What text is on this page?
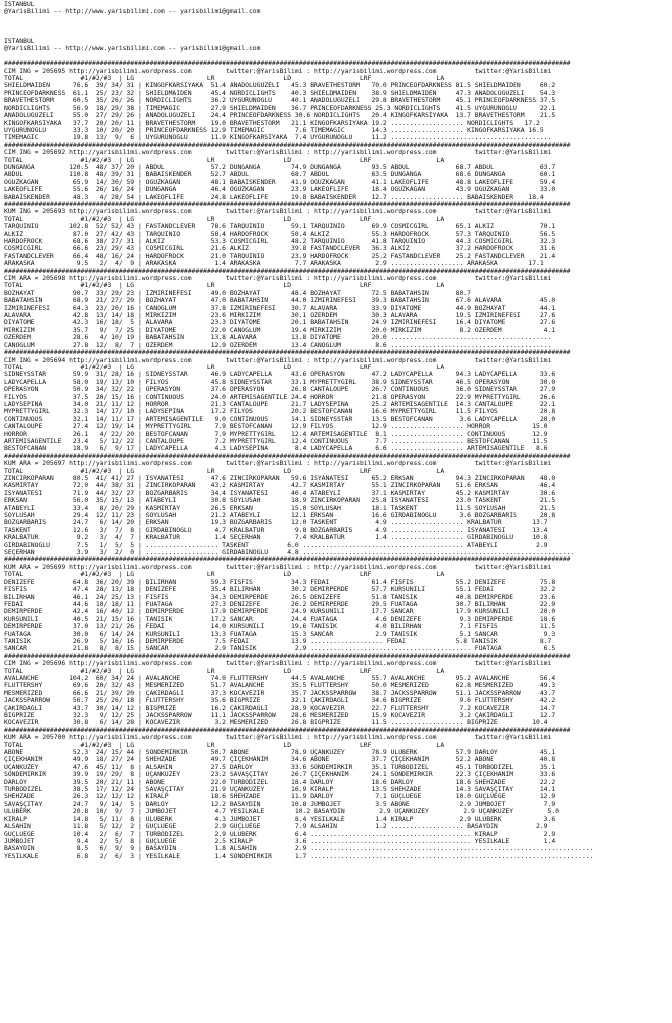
ISTANBUL
@YarisBilimi -- http://www.yarisbilimi.com -- yarisbilimi@gmail.com

ISTANBUL
@YarisBilimi -- http://www.yarisbilimi.com -- yarisbilimi@gmail.com

####################################################################################################################################################
CIM ING = 205695 http://yarisbilimi.wordpress.com         twitter:@YarisBilimi : http://yarisbilimi.wordpress.com          twitter:@YarisBilimi
TOTAL               #1/#2/#3  | LG                   LR                  LD                  LRF                 LA
SHIELDMAIDEN      76.6  39/ 34/ 31 | KINGOFKARSIYAKA  51.4 ANADOLUGÜZELI   45.3 BRAVETHESTORM   70.0 PRINCEOFDARKNESS 81.5 SHIELDMAIDEN     60.2
PRINCEOFDARKNESS  61.1  25/ 23/ 32 | SHIELDMAIDEN     45.4 NORDICLIGHTS    40.3 SHIELDMAIDEN    38.9 SHIELDMAIDEN     47.3 ANADOLUGÜZELI    54.3
BRAVETHESTORM     60.5  35/ 26/ 26 | NORDICLIGHTS     36.2 UYGURUNOGLU     40.1 ANADOLUGÜZELI   29.8 BRAVETHESTORM    45.1 PRINCEOFDARKNESS 37.5
NORDICLIGHTS      56.9  18/ 29/ 38 | TIMEMAGIC        27.9 SHIELDMAIDEN    36.7 PRINCEOFDARKNESS 25.3 NORDICLIGHTS    41.5 UYGURUNOGLU      22.1
ANADOLUGÜZELI     55.0  27/ 29/ 26 | ANADOLUGÜZELI    24.4 PRINCEOFDARKNESS 30.6 NORDICLIGHTS   20.4 KINGOFKARSIYAKA  13.7 BRAVETHESTORM    21.5
KINGOFKARSIYAKA   37.7  20/ 20/ 11 | BRAVETHESTORM    19.0 BRAVETHESTORM   21.1 KINGOFKARSIYAKA 19.2 ................... NORDICLIGHTS   17.2
UYGURUNOGLU       33.3  10/ 20/ 20 | PRINCEOFDARKNESS 12.9 TIMEMAGIC        7.6 TIMEMAGIC       14.3 ................... KINGOFKARSIYAKA 16.5
TIMEMAGIC         19.8  13/  9/  6 | UYGURUNOGLU      11.9 KINGOFKARSIYAKA  7.4 UYGURUNOGLU     11.2 ..........................................
####################################################################################################################################################
CIM ING = 205692 http://yarisbilimi.wordpress.com         twitter:@YarisBilimi : http://yarisbilimi.wordpress.com          twitter:@YarisBilimi
TOTAL               #1/#2/#3  | LG                   LR                  LD                  LRF                 LA
DUNGANGA         120.5  48/ 37/ 20 | ABDÜL            57.2 DUNGANGA        74.9 DUNGANGA        93.5 ABDÜL            68.7 ABDÜL            63.7
ABDÜL            110.8  48/ 39/ 31 | BABAISKENDER     52.7 ABDÜL           68.7 ABDÜL           63.5 DUNGANGA         68.6 DUNGANGA         60.1
OGUZKAGAN         65.9  14/ 30/ 59 | OGUZKAGAN        48.1 BABAISKENDER    41.9 OGUZKAGAN       41.1 LAKEOFLIFE       48.8 LAKEOFLIFE       59.4
LAKEOFLIFE        55.6  26/ 16/ 24 | DUNGANGA         46.4 OGUZKAGAN       23.9 LAKEOFLIFE      18.4 OGUZKAGAN        43.9 OGUZKAGAN        33.0
BABAISKENDER      48.3   4/ 28/ 54 | LAKEOFLIFE       24.8 LAKEOFLIFE      19.8 BABAISKENDER    12.7 ................... BABAISKENDER    18.4
####################################################################################################################################################
KUM ING = 205693 http://yarisbilimi.wordpress.com         twitter:@YarisBilimi : http://yarisbilimi.wordpress.com          twitter:@YarisBilimi
TOTAL               #1/#2/#3  | LG                   LR                  LD                  LRF                 LA
TARQUINIO        102.8  52/ 52/ 43 | FASTANDCLEVER    78.6 TARQUINIO       59.1 TARQUINIO       69.9 COSMICGIRL       65.1 ALKIZ            70.1
ALKIZ             87.0  27/ 42/ 43 | TARQUINIO        58.4 HARDOFROCK      50.4 ALKIZ           55.3 HARDOFROCK       57.3 TARQUINIO        56.5
HARDOFROCK        68.6  38/ 27/ 31 | ALKIZ            53.3 COSMICGIRL      48.2 TARQUINIO       41.8 TARQUINIO        44.3 COSMICGIRL       32.3
COSMICGIRL        66.6  23/ 29/ 43 | COSMICGIRL       21.6 ALKIZ           39.8 FASTANDCLEVER   36.3 ALKIZ            37.2 HARDOFROCK       31.6
FASTANDCLEVER     66.4  48/ 16/ 24 | HARDOFROCK       21.0 TARQUINIO       23.9 HARDOFROCK      25.2 FASTANDCLEVER    25.2 FASTANDCLEVER    21.4
ARAKASKA           9.5   2/  4/  9 | ARAKASKA          1.4 ARAKASKA         7.7 ARAKASKA         2.9 ................... ARAKASKA        17.1
####################################################################################################################################################
CIM ARA = 205698 http://yarisbilimi.wordpress.com         twitter:@YarisBilimi : http://yarisbilimi.wordpress.com          twitter:@YarisBilimi
TOTAL               #1/#2/#3  | LG                   LR                  LD                  LRF                 LA
BOZHAYAT          90.7  33/ 29/ 23 | IZMIRINEFESI     49.0 BOZHAYAT        48.4 BOZHAYAT        72.5 BABATAHSIN       80.7
BABATAHSIN        68.9  21/ 27/ 20 | BOZHAYAT         47.0 BABATAHSIN      44.0 IZMIRINEFESI    39.3 BABATAHSIN       67.6 ALAVARA          45.0
IZMIRINEFESI      64.3  23/ 20/ 16 | CANOGLUM         37.8 IZMIRINEFESI    30.7 ALAVARA         33.9 DIYATOME         44.9 BOZHAYAT         44.1
ALAVARA           42.8  13/ 14/ 18 | MIRKIZIM         23.6 MIRKIZIM        30.1 ÖZERDEM         30.3 ALAVARA          19.5 IZMIRINEFESI     27.6
DIYATOME          42.3  16/ 18/  5 | ALAVARA          23.3 DIYATOME        20.1 BABATAHSIN      24.9 IZMIRINEFESI     16.4 DIYATOME         27.6
MIRKIZIM          35.7   9/  7/ 25 | DIYATOME         22.0 CANOGLUM        19.4 MIRKIZIM        20.0 MIRKIZIM          8.2 ÖZERDEM           4.1
ÖZERDEM           28.6   4/ 10/ 19 | BABATAHSIN       13.8 ALAVARA         13.8 DIYATOME        20.0 ..........................................
CANOGLUM          27.8  12/  8/  7 | ÖZERDEM          12.9 ÖZERDEM         13.4 CANOGLUM         8.6 ..........................................
####################################################################################################################################################
CIM ING = 205694 http://yarisbilimi.wordpress.com         twitter:@YarisBilimi : http://yarisbilimi.wordpress.com          twitter:@YarisBilimi
TOTAL               #1/#2/#3  | LG                   LR                  LD                  LRF                 LA
SIDNEYSSTAR       59.9  31/ 28/ 16 | SIDNEYSSTAR      46.9 LADYCAPELLA     43.6 OPERASYON       47.2 LADYCAPELLA      94.3 LADYCAPELLA      33.6
LADYCAPELLA       58.0  19/ 13/ 10 | FILYOS           45.8 SIDNEYSSTAR     33.1 MYPRETTYGIRL    38.9 SIDNEYSSTAR      46.5 OPERASYON        30.0
OPERASYON         50.9  34/ 32/ 22 | OPERASYON        37.6 OPERASYON       26.8 CANTALOUPE      26.7 CONTINUOUS       36.0 SIDNEYSSTAR      27.9
FILYOS            37.5  20/ 15/ 16 | CONTINUOUS       24.0 ARTEMISAGENTILE 24.4 HORROR          21.8 OPERASYON        22.9 MYPRETTYGIRL     26.6
LADYSEPINA        34.0  21/ 11/ 12 | HORROR           21.3 CANTALOUPE      21.7 LADYSEPINA      25.2 ARTEMISAGENTILE  14.3 CANTALOUPE       22.1
MYPRETTYGIRL      32.3  14/ 17/ 10 | LADYSEPINA       17.2 FILYOS          20.2 BESTOFCANAN     16.6 MYPRETTYGIRL     11.5 FILYOS           20.8
CONTINUOUS        32.1  14/ 11/ 17 | ARTEMISAGENTILE   9.0 CONTINUOUS      14.1 SIDNEYSSTAR     13.5 BESTOFCANAN       3.6 LADYCAPELLA      20.0
CANTALOUPE        27.4  12/ 19/ 14 | MYPRETTYGIRL      7.9 BESTOFCANAN     12.9 FILYOS          12.9 ................... HORROR           15.0
HORROR            26.1   4/ 22/ 20 | BESTOFCANAN       7.9 MYPRETTYGIRL    12.4 ARTEMISAGENTILE  8.1 ................... CONTINUOUS       12.9
ARTEMISAGENTILE   23.4   5/ 12/ 22 | CANTALOUPE        7.2 MYPRETTYGIRL    12.4 CONTINUOUS       7.7 ................... BESTOFCANAN      11.5
BESTOFCANAN       18.9   6/  9/ 17 | LADYCAPELLA       4.3 LADYSEPINA       8.4 LADYCAPELLA      6.6 ................... ARTEMISAGENTILE   8.6
####################################################################################################################################################
KUM ARA = 205697 http://yarisbilimi.wordpress.com         twitter:@YarisBilimi : http://yarisbilimi.wordpress.com          twitter:@YarisBilimi
TOTAL               #1/#2/#3  | LG                   LR                  LD                  LRF                 LA
ZINCIRKOPARAN     80.5  41/ 41/ 27 | ISYANATESI       47.6 ZINCIRKOPARAN   59.6 ISYANATESI      65.2 ERKSAN           94.3 ZINCIRKOPARAN    48.0
KASMIRTAY         72.0  44/ 38/ 31 | ZINCIRKOPARAN    43.2 KASMIRTAY       42.7 KASMIRTAY       55.1 ZINCIRKOPARAN    51.6 ERKSAN           46.4
ISYANATESI        71.9  44/ 32/ 27 | BOZGARBARIS      34.4 ISYANATESI      40.4 ATABEYLI        37.1 KASMIRTAY        45.2 KASMIRTAY        30.6
ERKSAN            56.0  35/ 15/ 13 | ATABEYLI         30.8 SOYLUSAH        18.9 ZINCIRKOPARAN   25.8 ISYANATESI       23.0 TASKENT          21.5
ATABEYLI          33.4   8/ 20/ 29 | KASMIRTAY        26.5 ERKSAN          15.0 SOYLUSAH        18.1 TASKENT          11.5 SOYLUSAH         21.5
SOYLUSAH          29.4  12/ 11/ 23 | SOYLUSAH         21.2 ATABEYLI        12.1 ERKSAN          16.6 GIRDABINOGLU      3.6 BOZGARBARIS      20.8
BOZGARBARIS       24.7   6/ 14/ 20 | ERKSAN           19.3 BOZGARBARIS     12.0 TASKENT          4.9 ................... KRALBATUR        13.7
TASKENT           12.6   3/  7/  8 | GIRDABINOGLU      4.7 KRALBATUR        9.8 BOZGARBARIS      4.9 ................... ISYANATESI       13.4
KRALBATUR          9.2   3/  4/  7 | KRALBATUR         1.4 SEÇERHAN         7.4 KRALBATUR        1.4 ................... GIRDABINOGLU     10.8
GIRDABINOGLU       7.5   1/  5/  5 | ................... TASKENT          6.0 .......................................... ATABEYLI          2.9
SEÇERHAN           3.9   3/  2/  0 | ................... GIRDABINOGLU     4.8 .......................................................................
####################################################################################################################################################
KUM ARA = 205699 http://yarisbilimi.wordpress.com         twitter:@YarisBilimi : http://yarisbilimi.wordpress.com          twitter:@YarisBilimi
TOTAL               #1/#2/#3  | LG                   LR                  LD                  LRF                 LA
DENIZEFE          64.8  36/ 20/ 39 | BILIRHAN         59.3 FISFIS          34.3 FEDAI           61.4 FISFIS           55.2 DENIZEFE         75.8
FISFIS            47.4  28/ 13/ 18 | DENIZEFE         35.4 BILIRHAN        30.2 DEMIRPERDE      57.7 KURSUNILI        55.1 FEDAI            32.2
BILIRHAN          46.1  24/ 25/ 13 | FISFIS           34.3 DEMIRPERDE      26.5 DENIZEFE        51.8 TANISIK          40.8 DEMIRPERDE       23.6
FEDAI             44.6  10/ 18/ 11 | FUATAGA          27.3 DENIZEFE        26.2 DEMIRPERDE      29.5 FUATAGA          30.7 BILIRHAN         22.9
DEMIRPERDE        42.4  16/ 40/ 12 | DEMIRPERDE       17.9 DEMIRPERDE      24.9 KURSUNILI       17.7 SANCAR           17.9 KURSUNILI        20.0
KURSUNILI         40.5  21/ 15/ 16 | TANISIK          17.2 SANCAR          24.4 FUATAGA          4.6 DENIZEFE          9.3 DEMIRPERDE       18.6
DEMIRPERDE        37.0  13/ 21/ 26 | FEDAI            14.0 KURSUNILI       19.6 TANISIK          4.0 BILIRHAN          7.1 FISFIS           11.5
FUATAGA           30.0   6/ 14/ 24 | KURSUNILI        13.3 FUATAGA         15.3 SANCAR           2.9 TANISIK           5.1 SANCAR            9.3
TANISIK           26.9   5/ 16/ 16 | DEMIRPERDE        7.5 FEDAI           13.9 ................... FEDAI             5.8 TANISIK           8.7
SANCAR            21.8   8/  8/ 15 | SANCAR            2.9 TANISIK          2.9 .......................................... FUATAGA           6.5
####################################################################################################################################################
CIM ING = 205696 http://yarisbilimi.wordpress.com         twitter:@YarisBilimi : http://yarisbilimi.wordpress.com          twitter:@YarisBilimi
TOTAL               #1/#2/#3  | LG                   LR                  LD                  LRF                 LA
AVALANCHE        104.2  60/ 34/ 24 | AVALANCHE        74.0 FLUTTERSHY      44.5 AVALANCHE       55.7 AVALANCHE        95.2 AVALANCHE        56.4
FLUTTERSHY        69.6  20/ 32/ 43 | MESMERIZED       51.7 AVALANCHE       35.5 FLUTTERSHY      50.0 MESMERIZED       62.8 MESMERIZED       49.3
MESMERIZED        66.6  21/ 39/ 20 | ÇAKIRDAGLI       37.3 KOCAVEZIR       35.7 JACKSSPARROW    38.7 JACKSSPARROW     51.1 JACKSSPARROW     43.7
JACKSSPARROW      56.7  25/ 26/ 18 | FLUTTERSHY       35.6 BIGPRIZE        32.1 ÇAKIRDAGLI      34.6 BIGPRIZE          9.6 FLUTTERSHY       42.2
ÇAKIRDAGLI        43.7  30/ 14/ 12 | BIGPRIZE         16.2 ÇAKIRDAGLI      28.9 KOCAVEZIR       22.7 FLUTTERSHY        7.2 KOCAVEZIR        14.7
BIGPRIZE          32.3   9/ 12/ 25 | JACKSSPARROW     11.1 JACKSSPARROW    28.6 MESMERIZED      15.9 KOCAVEZIR         3.2 ÇAKIRDAGLI       12.7
KOCAVEZIR         30.8   6/ 14/ 28 | KOCAVEZIR         3.2 MESMERIZED      26.8 BIGPRIZE        11.5 ................... BIGPRIZE         10.4
####################################################################################################################################################
KUM ARA = 205700 http://yarisbilimi.wordpress.com         twitter:@YarisBilimi : http://yarisbilimi.wordpress.com          twitter:@YarisBilimi
TOTAL               #1/#2/#3  | LG                   LR                  LD                  LRF                 LA
ABONE             52.3  24/ 15/ 44 | SONDEMIRKIR      50.7 ABONE           78.9 UÇANKUZEY       78.9 ULUBERK          57.9 DARLÖY           45.1
ÇIÇEKHANIM        49.9  18/ 27/ 24 | SHEHZADE         49.7 ÇIÇEKHANIM      34.6 ABONE           37.7 ÇIÇEKHANIM       52.2 ABONE            40.8
UÇANKUZEY         47.6  45/ 11/  8 | ALSAHIN          27.5 DARLÖY          33.6 SONDEMIRKIR     35.1 TURBODIZEL       45.1 TURBODIZEL       35.1
SONDEMIRKIR       39.9  19/ 29/  8 | UÇANKUZEY        23.2 SAVAŞÇITAY      26.7 ÇIÇEKHANIM      24.1 SONDEMIRKIR      22.3 ÇIÇEKHANIM       33.6
DARLÖY            39.5  20/ 21/ 11 | ABONE            22.0 TURBODIZEL      18.4 DARLÖY          18.6 DARLÖY           18.6 SHEHZADE         22.2
TURBODIZEL        38.5  17/ 12/ 24 | SAVAŞÇITAY       21.9 UÇANKUZEY       16.9 KIRALP          13.5 SHEHZADE         14.3 SAVAŞÇITAY       14.1
SHEHZADE          26.3  12/ 12/ 12 | KIRALP           18.6 SHEHZADE        11.9 DARLÖY           7.1 GÜÇLÜEGE         10.0 GÜÇLÜEGE         12.9
SAVAŞÇITAY        24.7   9/ 14/  5 | DARLÖY           12.2 BASAYDIN        10.8 JUMBOJET         3.5 ABONE             2.9 JUMBOJET          7.9
ULUBERK           20.8  10/  9/  7 | JUMBOJET          4.7 YESILKALE        10.2 BASAYDIN         2.9 UÇANKUZEY         2.9 UÇANKUZEY         5.0
KIRALP            14.8   5/ 11/  8 | ULUBERK           4.3 JUMBOJET         8.4 YESILKALE        1.4 KIRALP            2.9 ULUBERK           3.6
ALSAHIN           11.8   5/ 12/  2 | GÜÇLÜEGE          2.9 GÜÇLÜEGE         7.9 ALSAHIN          1.2 ................... BASAYDIN          2.9
GÜÇLÜEGE          10.4   2/  6/  7 | TURBODIZEL        2.9 ULUBERK          6.4 .......................................... KIRALP            2.9
JUMBOJET           9.4   2/  5/  8 | GÜÇLÜEGE          2.5 KIRALP           3.6 .......................................... YESILKALE         1.4
BASAYDIN           8.5   6/  9/  9 | BASAYDIN          1.8 ALSAHIN          2.9 ..........................................................................
YESILKALE          6.8   2/  6/  3 | YESILKALE         1.4 SONDEMIRKIR      1.7 ..........................................................................
